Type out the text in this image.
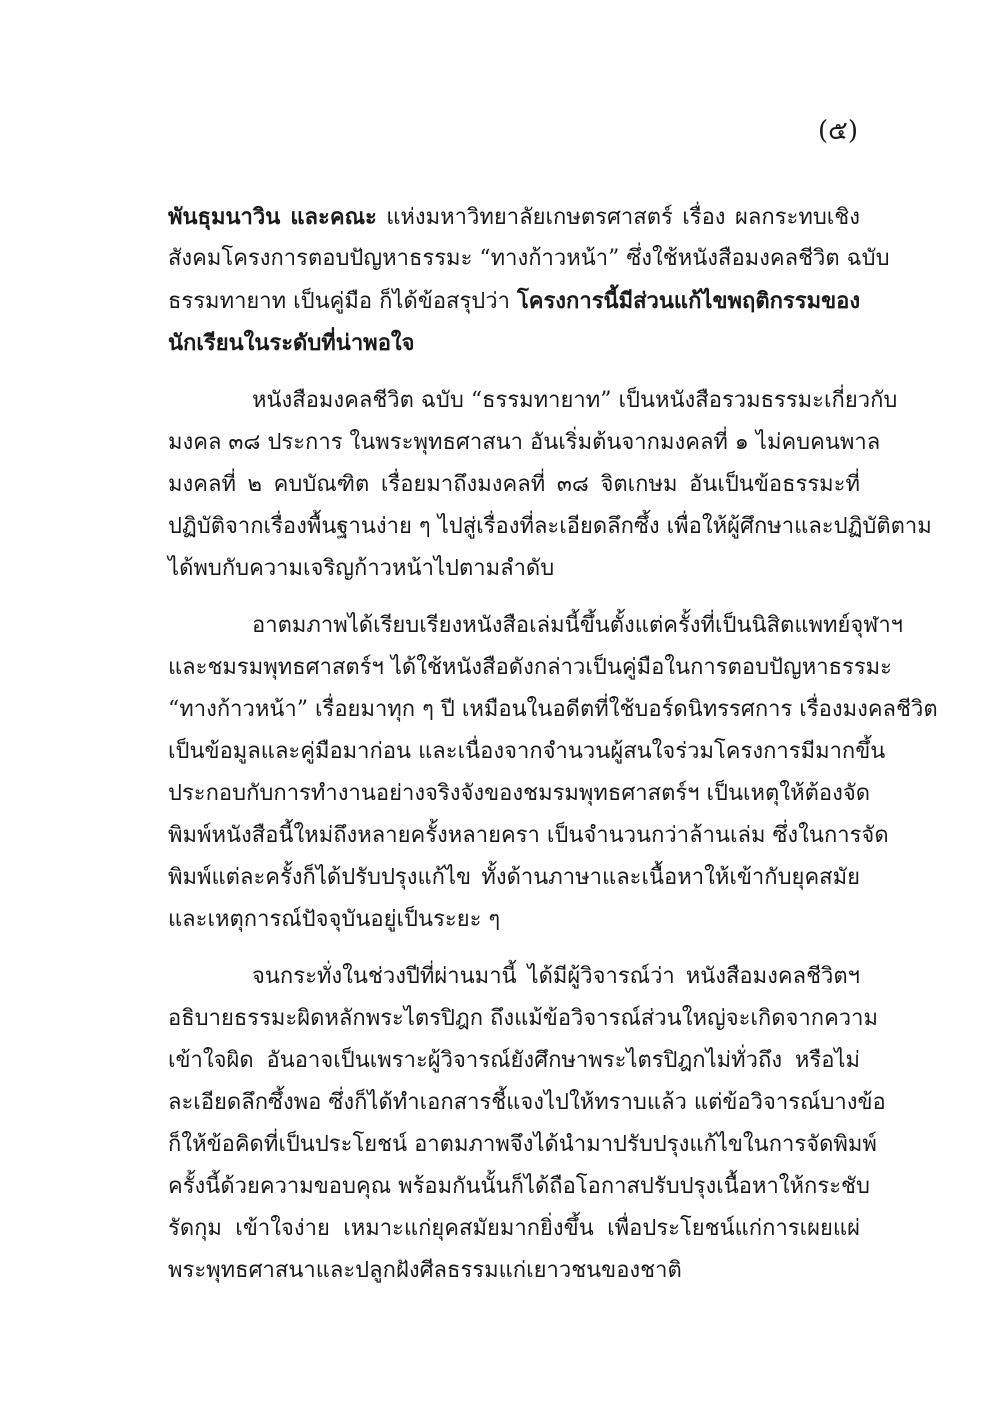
(๕)
พันธุมนาวิน และคณะ แห่งมหาวิทยาลัยเกษตรศาสตร์ เรื่อง ผลกระทบเชิง
สังคมโครงการตอบปัญหาธรรมะ “ทางก้าวหน้า” ซึ่งใช้หนังสือมงคลชีวิต ฉบับ
ธรรมทายาท เป็นคู่มือ ก็ได้ข้อสรุปว่า โครงการนี้มีส่วนแก้ไขพฤติกรรมของ
นักเรียนในระดับที่น่าพอใจ
หนังสือมงคลชีวิต ฉบับ “ธรรมทายาท” เป็นหนังสือรวมธรรมะเกี่ยวกับ
มงคล ๓๘ ประการ ในพระพุทธศาสนา อันเริ่มต้นจากมงคลที่ ๑ ไม่คบคนพาล
มงคลที่ ๒ คบบัณฑิต เรื่อยมาถึงมงคลที่ ๓๘ จิตเกษม อันเป็นข้อธรรมะที่
ปฏิบัติจากเรื่องพื้นฐานง่าย ๆ ไปสู่เรื่องที่ละเอียดลึกซึ้ง เพื่อให้ผู้ศึกษาและปฏิบัติตาม
ได้พบกับความเจริญก้าวหน้าไปตามลำดับ
อาตมภาพได้เรียบเรียงหนังสือเล่มนี้ขึ้นตั้งแต่ครั้งที่เป็นนิสิตแพทย์จุฬาฯ
และชมรมพุทธศาสตร์ฯ ได้ใช้หนังสือดังกล่าวเป็นคู่มือในการตอบปัญหาธรรมะ
“ทางก้าวหน้า” เรื่อยมาทุก ๆ ปี เหมือนในอดีตที่ใช้บอร์ดนิทรรศการ เรื่องมงคลชีวิต
เป็นข้อมูลและคู่มือมาก่อน และเนื่องจากจำนวนผู้สนใจร่วมโครงการมีมากขึ้น
ประกอบกับการทำงานอย่างจริงจังของชมรมพุทธศาสตร์ฯ เป็นเหตุให้ต้องจัด
พิมพ์หนังสือนี้ใหม่ถึงหลายครั้งหลายครา เป็นจำนวนกว่าล้านเล่ม ซึ่งในการจัด
พิมพ์แต่ละครั้งก็ได้ปรับปรุงแก้ไข ทั้งด้านภาษาและเนื้อหาให้เข้ากับยุคสมัย
และเหตุการณ์ปัจจุบันอยู่เป็นระยะ ๆ
จนกระทั่งในช่วงปีที่ผ่านมานี้ ได้มีผู้วิจารณ์ว่า หนังสือมงคลชีวิตฯ
อธิบายธรรมะผิดหลักพระไตรปิฎก ถึงแม้ข้อวิจารณ์ส่วนใหญ่จะเกิดจากความ
เข้าใจผิด อันอาจเป็นเพราะผู้วิจารณ์ยังศึกษาพระไตรปิฎกไม่ทั่วถึง หรือไม่
ละเอียดลึกซึ้งพอ ซึ่งก็ได้ทำเอกสารชี้แจงไปให้ทราบแล้ว แต่ข้อวิจารณ์บางข้อ
ก็ให้ข้อคิดที่เป็นประโยชน์ อาตมภาพจึงได้นำมาปรับปรุงแก้ไขในการจัดพิมพ์
ครั้งนี้ด้วยความขอบคุณ พร้อมกันนั้นก็ได้ถือโอกาสปรับปรุงเนื้อหาให้กระชับ
รัดกุม เข้าใจง่าย เหมาะแก่ยุคสมัยมากยิ่งขึ้น เพื่อประโยชน์แก่การเผยแผ่
พระพุทธศาสนาและปลูกฝังศีลธรรมแก่เยาวชนของชาติ
